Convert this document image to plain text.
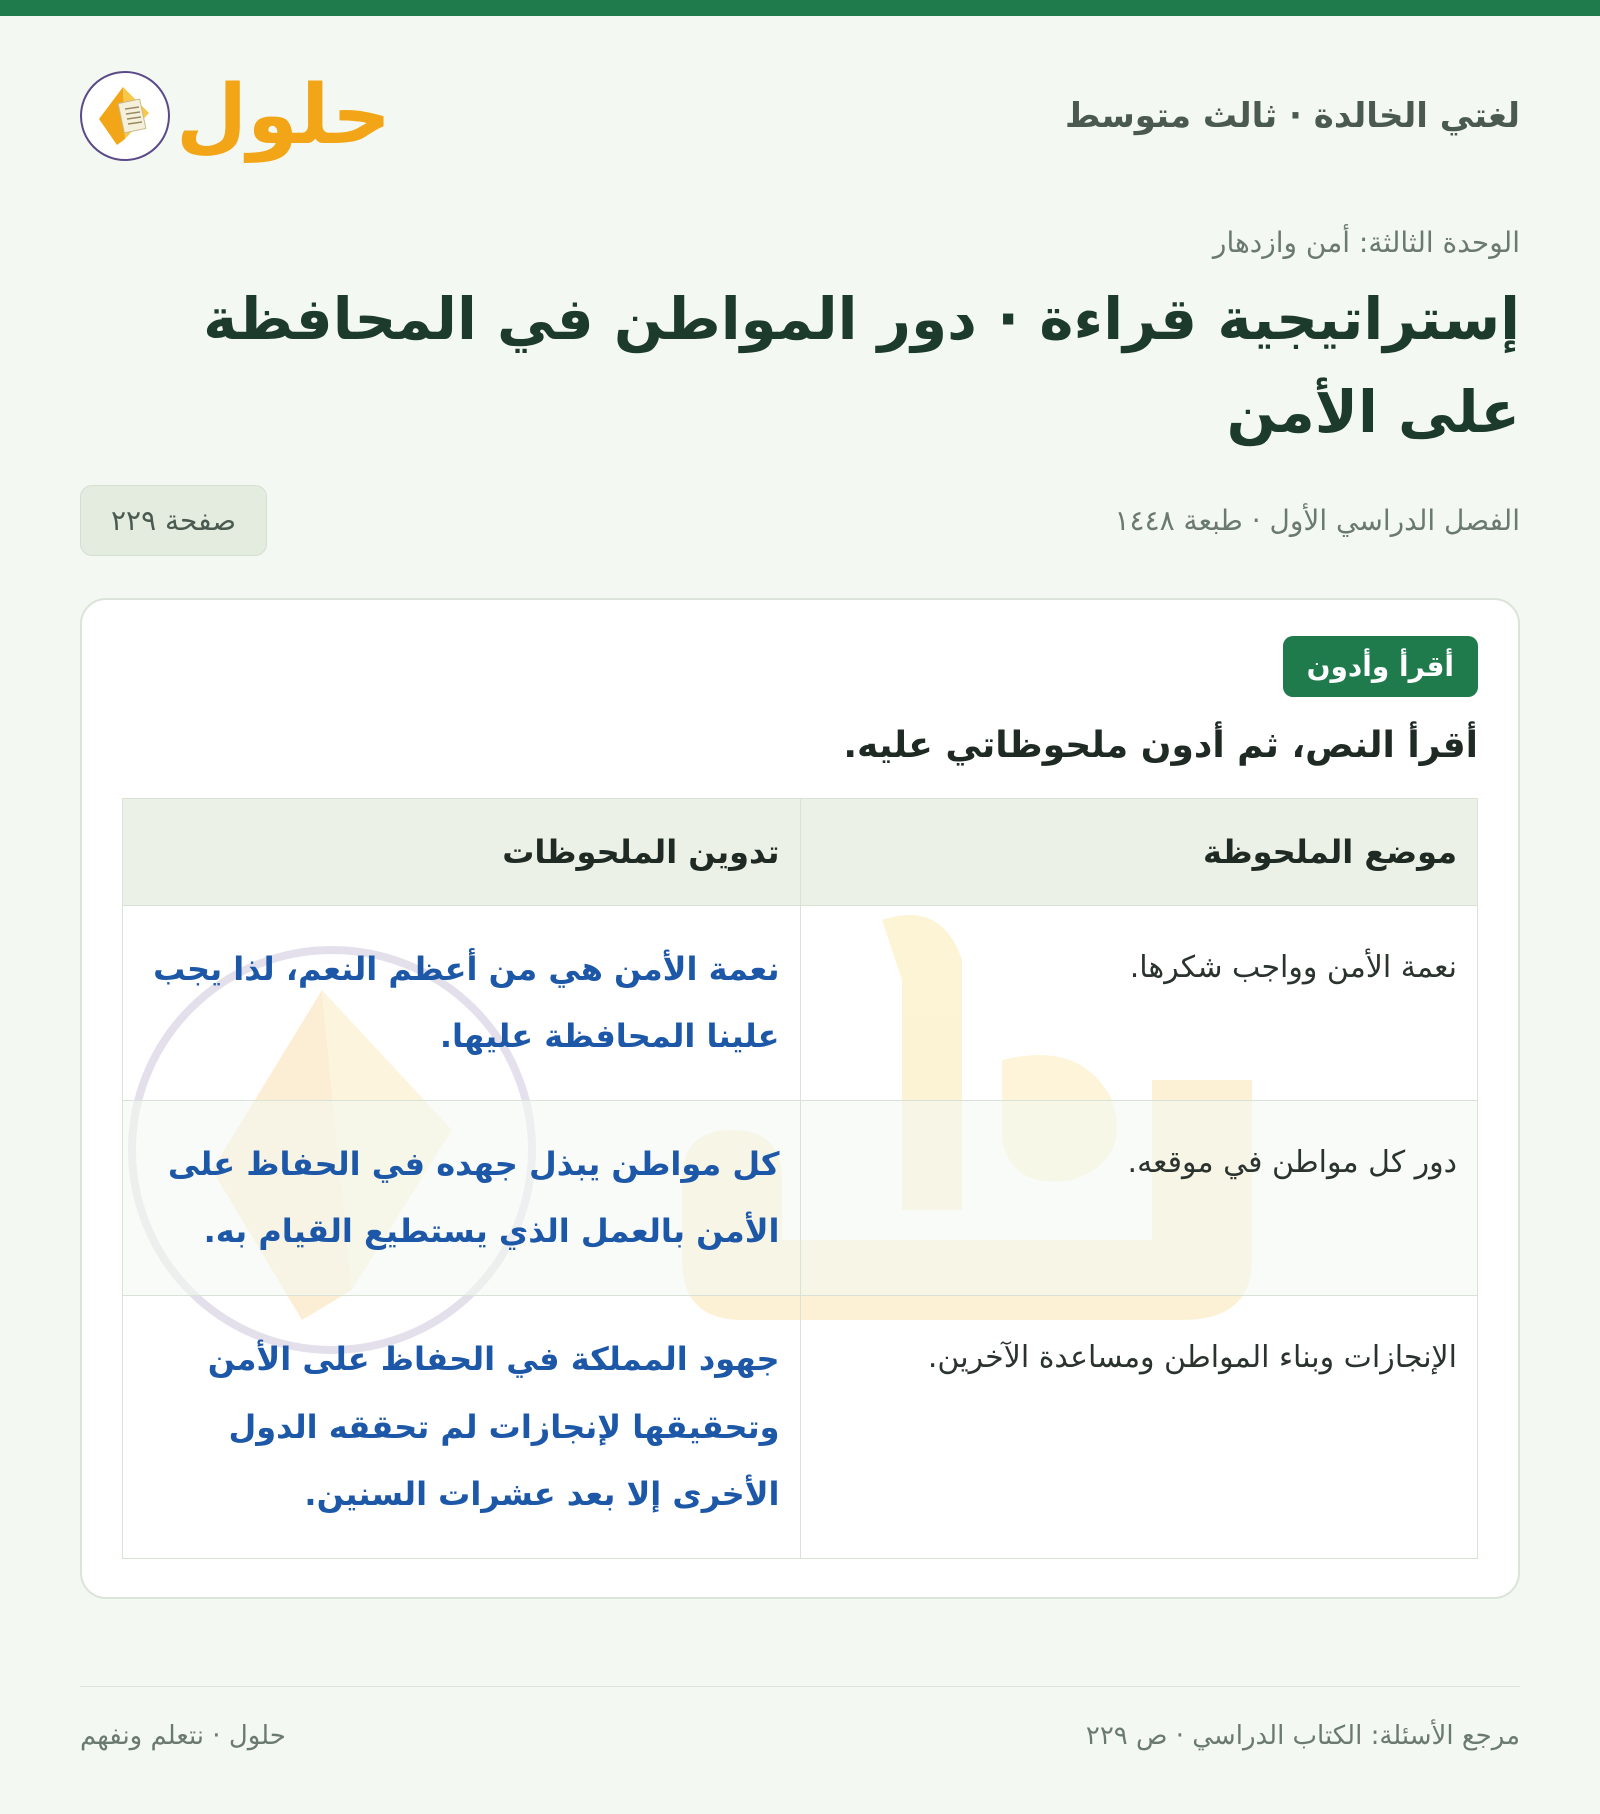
لغتي الخالدة · ثالث متوسط
حلول
الوحدة الثالثة: أمن وازدهار
إستراتيجية قراءة · دور المواطن في المحافظة على الأمن
الفصل الدراسي الأول · طبعة ١٤٤٨
صفحة ٢٢٩
أقرأ وأدون
أقرأ النص، ثم أدون ملحوظاتي عليه.
موضع الملحوظة	تدوين الملحوظات
نعمة الأمن وواجب شكرها.	نعمة الأمن هي من أعظم النعم، لذا يجب علينا المحافظة عليها.
دور كل مواطن في موقعه.	كل مواطن يبذل جهده في الحفاظ على الأمن بالعمل الذي يستطيع القيام به.
الإنجازات وبناء المواطن ومساعدة الآخرين.	جهود المملكة في الحفاظ على الأمن وتحقيقها لإنجازات لم تحققه الدول الأخرى إلا بعد عشرات السنين.
مرجع الأسئلة: الكتاب الدراسي · ص ٢٢٩
حلول · نتعلم ونفهم
